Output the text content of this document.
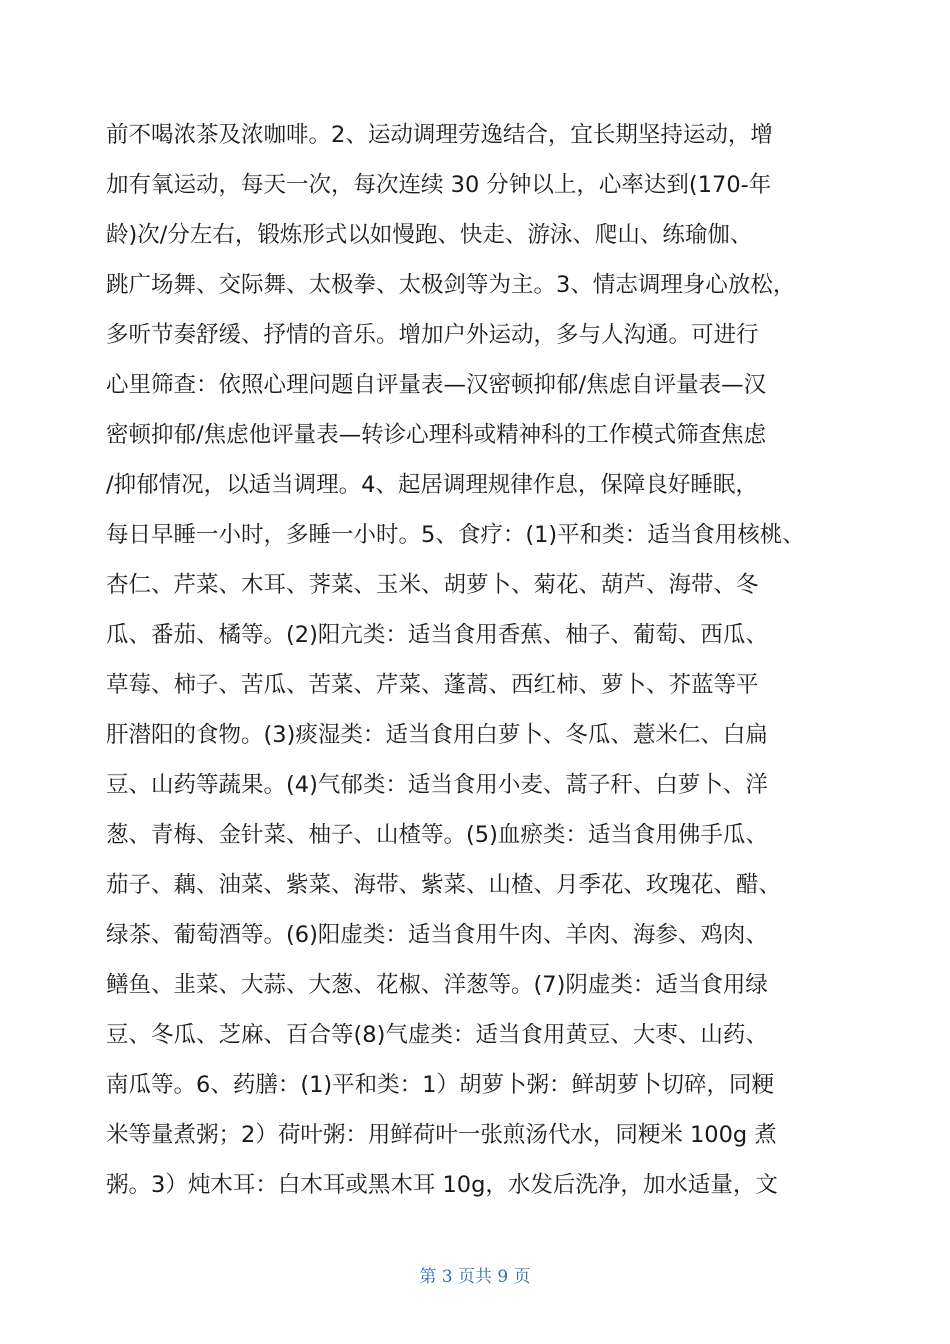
前不喝浓茶及浓咖啡。2、运动调理劳逸结合，宜长期坚持运动，增
加有氧运动，每天一次，每次连续 30 分钟以上，心率达到(170-年
龄)次/分左右，锻炼形式以如慢跑、快走、游泳、爬山、练瑜伽、
跳广场舞、交际舞、太极拳、太极剑等为主。3、情志调理身心放松，
多听节奏舒缓、抒情的音乐。增加户外运动，多与人沟通。可进行
心里筛查：依照心理问题自评量表—汉密顿抑郁/焦虑自评量表—汉
密顿抑郁/焦虑他评量表—转诊心理科或精神科的工作模式筛查焦虑
/抑郁情况，以适当调理。4、起居调理规律作息，保障良好睡眠，
每日早睡一小时，多睡一小时。5、食疗：(1)平和类：适当食用核桃、
杏仁、芹菜、木耳、荠菜、玉米、胡萝卜、菊花、葫芦、海带、冬
瓜、番茄、橘等。(2)阳亢类：适当食用香蕉、柚子、葡萄、西瓜、
草莓、柿子、苦瓜、苦菜、芹菜、蓬蒿、西红柿、萝卜、芥蓝等平
肝潜阳的食物。(3)痰湿类：适当食用白萝卜、冬瓜、薏米仁、白扁
豆、山药等蔬果。(4)气郁类：适当食用小麦、蒿子秆、白萝卜、洋
葱、青梅、金针菜、柚子、山楂等。(5)血瘀类：适当食用佛手瓜、
茄子、藕、油菜、紫菜、海带、紫菜、山楂、月季花、玫瑰花、醋、
绿茶、葡萄酒等。(6)阳虚类：适当食用牛肉、羊肉、海参、鸡肉、
鳝鱼、韭菜、大蒜、大葱、花椒、洋葱等。(7)阴虚类：适当食用绿
豆、冬瓜、芝麻、百合等(8)气虚类：适当食用黄豆、大枣、山药、
南瓜等。6、药膳：(1)平和类：1）胡萝卜粥：鲜胡萝卜切碎，同粳
米等量煮粥；2）荷叶粥：用鲜荷叶一张煎汤代水，同粳米 100g 煮
粥。3）炖木耳：白木耳或黑木耳 10g，水发后洗净，加水适量，文
第 3 页共 9 页
